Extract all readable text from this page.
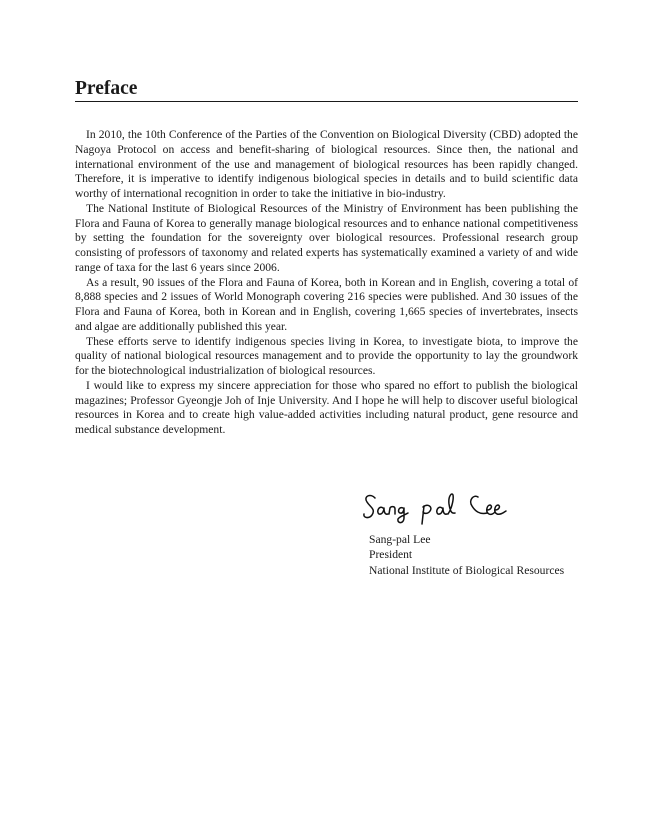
Preface

In 2010, the 10th Conference of the Parties of the Convention on Biological Diversity (CBD) adopted the Nagoya Protocol on access and benefit-sharing of biological resources. Since then, the national and international environment of the use and management of biological resources has been rapidly changed. Therefore, it is imperative to identify indigenous biological species in details and to build scientific data worthy of international recognition in order to take the initiative in bio-industry.

The National Institute of Biological Resources of the Ministry of Environment has been publishing the Flora and Fauna of Korea to generally manage biological resources and to enhance national competitiveness by setting the foundation for the sovereignty over biological resources. Professional research group consisting of professors of taxonomy and related experts has systematically examined a variety of and wide range of taxa for the last 6 years since 2006.

As a result, 90 issues of the Flora and Fauna of Korea, both in Korean and in English, covering a total of 8,888 species and 2 issues of World Monograph covering 216 species were published. And 30 issues of the Flora and Fauna of Korea, both in Korean and in English, covering 1,665 species of invertebrates, insects and algae are additionally published this year.

These efforts serve to identify indigenous species living in Korea, to investigate biota, to improve the quality of national biological resources management and to provide the opportunity to lay the groundwork for the biotechnological industrialization of biological resources.

I would like to express my sincere appreciation for those who spared no effort to publish the biological magazines; Professor Gyeongje Joh of Inje University. And I hope he will help to discover useful biological resources in Korea and to create high value-added activities including natural product, gene resource and medical substance development.

Sang-pal Lee
President
National Institute of Biological Resources
